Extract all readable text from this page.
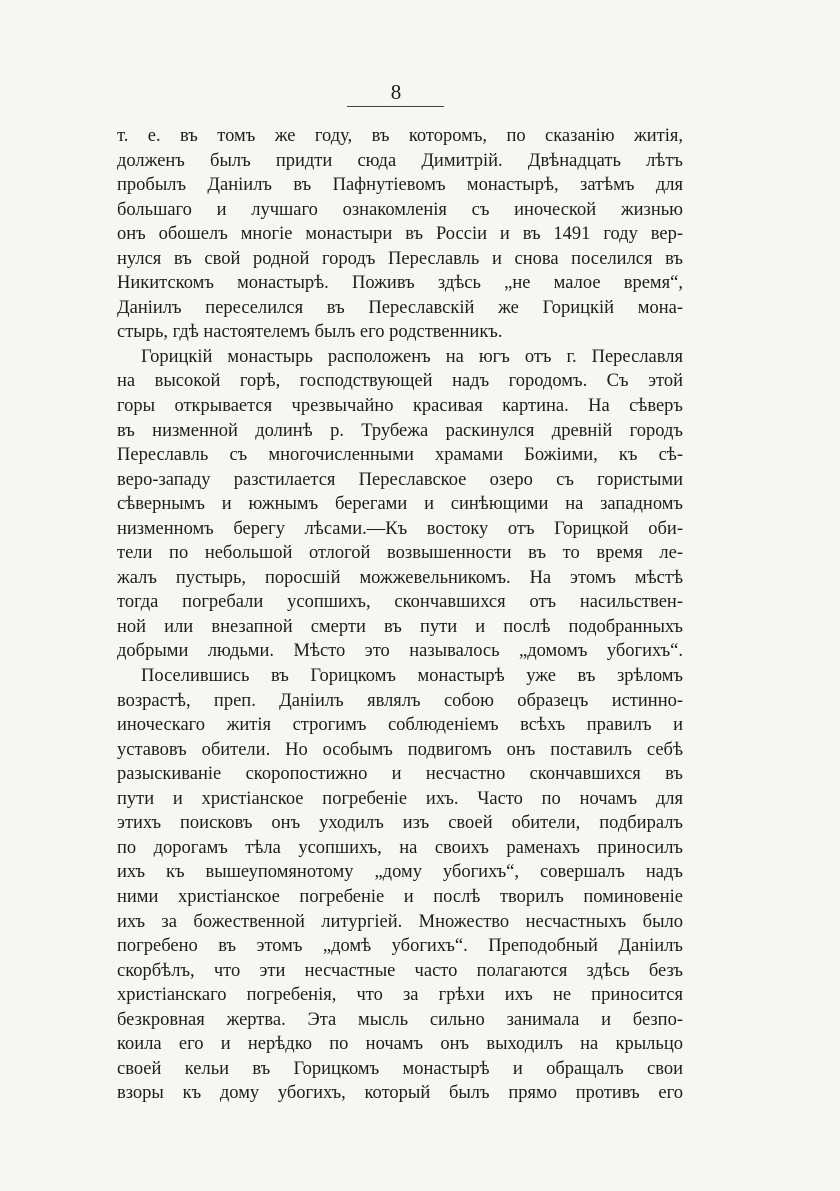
8
т. е. въ томъ же году, въ которомъ, по сказанію житія,
долженъ былъ придти сюда Димитрій. Двѣнадцать лѣтъ
пробылъ Даніилъ въ Пафнутіевомъ монастырѣ, затѣмъ для
большаго и лучшаго ознакомленія съ иноческой жизнью
онъ обошелъ многіе монастыри въ Россіи и въ 1491 году вер-
нулся въ свой родной городъ Переславль и снова поселился въ
Никитскомъ монастырѣ. Поживъ здѣсь „не малое время“,
Даніилъ переселился въ Переславскій же Горицкій мона-
стырь, гдѣ настоятелемъ былъ его родственникъ.
Горицкій монастырь расположенъ на югъ отъ г. Переславля
на высокой горѣ, господствующей надъ городомъ. Съ этой
горы открывается чрезвычайно красивая картина. На сѣверъ
въ низменной долинѣ р. Трубежа раскинулся древній городъ
Переславль съ многочисленными храмами Божіими, къ сѣ-
веро-западу разстилается Переславское озеро съ гористыми
сѣвернымъ и южнымъ берегами и синѣющими на западномъ
низменномъ берегу лѣсами.—Къ востоку отъ Горицкой оби-
тели по небольшой отлогой возвышенности въ то время ле-
жалъ пустырь, поросшій можжевельникомъ. На этомъ мѣстѣ
тогда погребали усопшихъ, скончавшихся отъ насильствен-
ной или внезапной смерти въ пути и послѣ подобранныхъ
добрыми людьми. Мѣсто это называлось „домомъ убогихъ“.
Поселившись въ Горицкомъ монастырѣ уже въ зрѣломъ
возрастѣ, преп. Даніилъ являлъ собою образецъ истинно-
иноческаго житія строгимъ соблюденіемъ всѣхъ правилъ и
уставовъ обители. Но особымъ подвигомъ онъ поставилъ себѣ
разыскиваніе скоропостижно и несчастно скончавшихся въ
пути и христіанское погребеніе ихъ. Часто по ночамъ для
этихъ поисковъ онъ уходилъ изъ своей обители, подбиралъ
по дорогамъ тѣла усопшихъ, на своихъ раменахъ приносилъ
ихъ къ вышеупомянотому „дому убогихъ“, совершалъ надъ
ними христіанское погребеніе и послѣ творилъ поминовеніе
ихъ за божественной литургіей. Множество несчастныхъ было
погребено въ этомъ „домѣ убогихъ“. Преподобный Даніилъ
скорбѣлъ, что эти несчастные часто полагаются здѣсь безъ
христіанскаго погребенія, что за грѣхи ихъ не приносится
безкровная жертва. Эта мысль сильно занимала и безпо-
коила его и нерѣдко по ночамъ онъ выходилъ на крыльцо
своей кельи въ Горицкомъ монастырѣ и обращалъ свои
взоры къ дому убогихъ, который былъ прямо противъ его
